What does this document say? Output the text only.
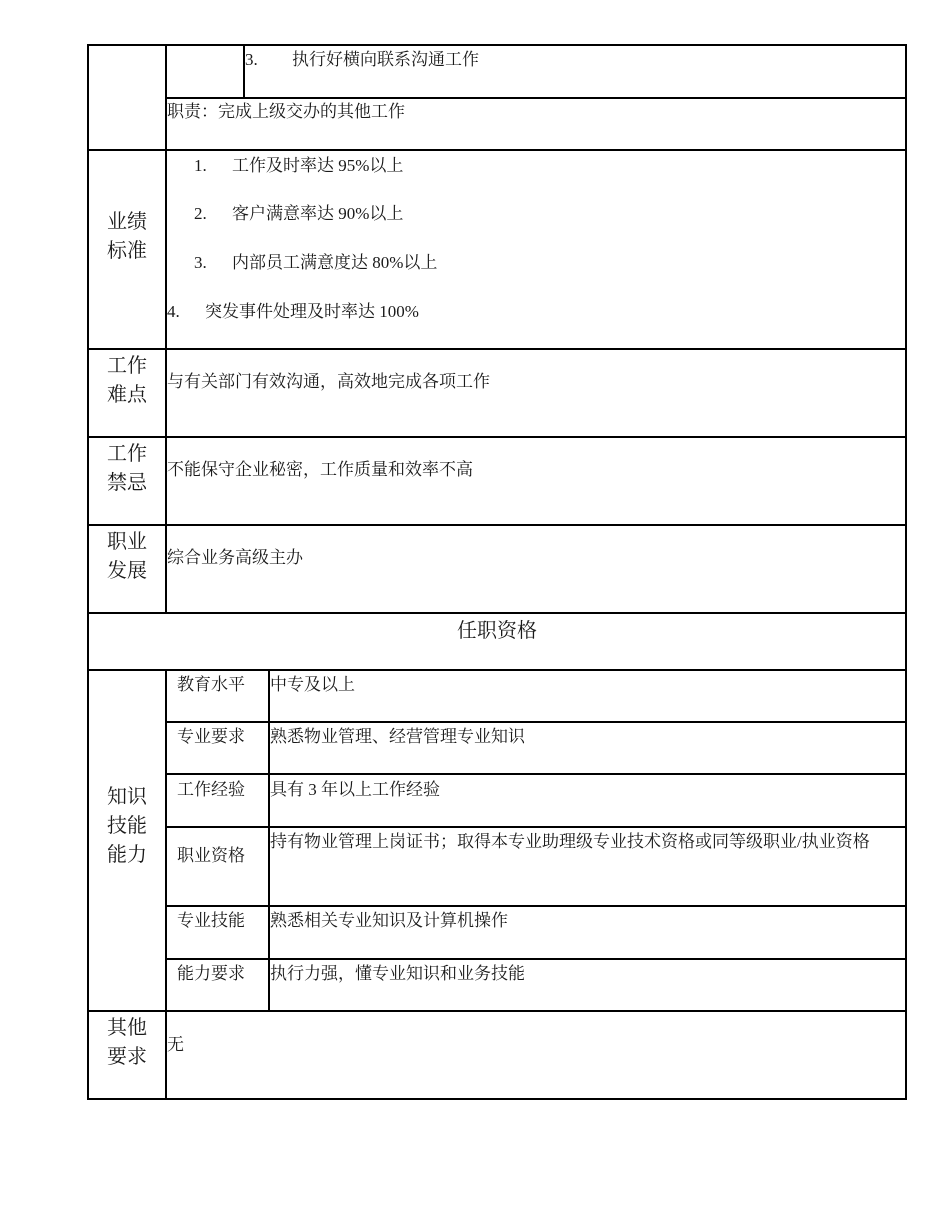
3. 执行好横向联系沟通工作
职责：完成上级交办的其他工作
业绩
标准
1. 工作及时率达 95%以上
2. 客户满意率达 90%以上
3. 内部员工满意度达 80%以上
4. 突发事件处理及时率达 100%
工作
难点
与有关部门有效沟通，高效地完成各项工作
工作
禁忌
不能保守企业秘密，工作质量和效率不高
职业
发展
综合业务高级主办
任职资格
知识
技能
能力
教育水平 中专及以上
专业要求 熟悉物业管理、经营管理专业知识
工作经验 具有 3 年以上工作经验
职业资格
持有物业管理上岗证书；取得本专业助理级专业技术资格或同等级职业/执业资格
专业技能 熟悉相关专业知识及计算机操作
能力要求 执行力强，懂专业知识和业务技能
其他
要求
无
